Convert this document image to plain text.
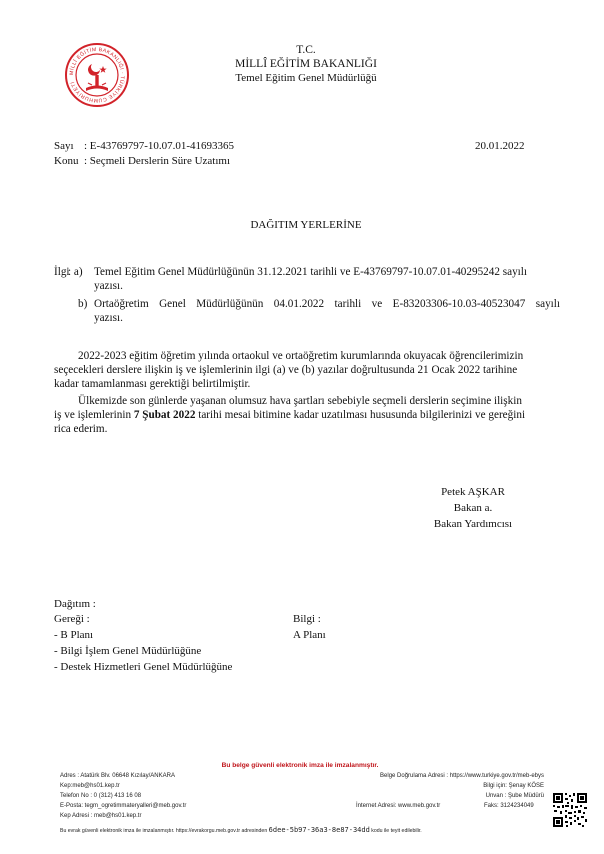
MİLLÎ EĞİTİM BAKANLIĞI · TÜRKİYE CUMHURİYETİ
T.C.
MİLLÎ EĞİTİM BAKANLIĞI
Temel Eğitim Genel Müdürlüğü
Sayı : E-43769797-10.07.01-41693365	20.01.2022
Konu : Seçmeli Derslerin Süre Uzatımı
DAĞITIM YERLERİNE
İlgi
: a) Temel Eğitim Genel Müdürlüğünün 31.12.2021 tarihli ve E-43769797-10.07.01-40295242 sayılı
yazısı.
b) Ortaöğretim Genel Müdürlüğünün 04.01.2022 tarihli ve E-83203306-10.03-40523047 sayılı
yazısı.
2022-2023 eğitim öğretim yılında ortaokul ve ortaöğretim kurumlarında okuyacak öğrencilerimizin
seçecekleri derslere ilişkin iş ve işlemlerinin ilgi (a) ve (b) yazılar doğrultusunda 21 Ocak 2022 tarihine
kadar tamamlanması gerektiği belirtilmiştir.
Ülkemizde son günlerde yaşanan olumsuz hava şartları sebebiyle seçmeli derslerin seçimine ilişkin
iş ve işlemlerinin 7 Şubat 2022 tarihi mesai bitimine kadar uzatılması hususunda bilgilerinizi ve gereğini
rica ederim.
Petek AŞKAR
Bakan a.
Bakan Yardımcısı
Dağıtım :
Gereği :
- B Planı
- Bilgi İşlem Genel Müdürlüğüne
- Destek Hizmetleri Genel Müdürlüğüne
Bilgi :
A Planı
Bu belge güvenli elektronik imza ile imzalanmıştır.
Adres : Atatürk Blv. 06648 Kızılay/ANKARA
Kep:meb@hs01.kep.tr
Telefon No : 0 (312) 413 16 08
E-Posta: tegm_ogretimmateryalleri@meb.gov.tr
Kep Adresi : meb@hs01.kep.tr
Belge Doğrulama Adresi : https://www.turkiye.gov.tr/meb-ebys
Bilgi için: Şenay KÖSE
Unvan : Şube Müdürü
İnternet Adresi: www.meb.gov.tr	Faks: 3124234049
Bu evrak güvenli elektronik imza ile imzalanmıştır. https://evrakorgu.meb.gov.tr adresinden 6dee-5b97-36a3-8e87-34dd kodu ile teyit edilebilir.
